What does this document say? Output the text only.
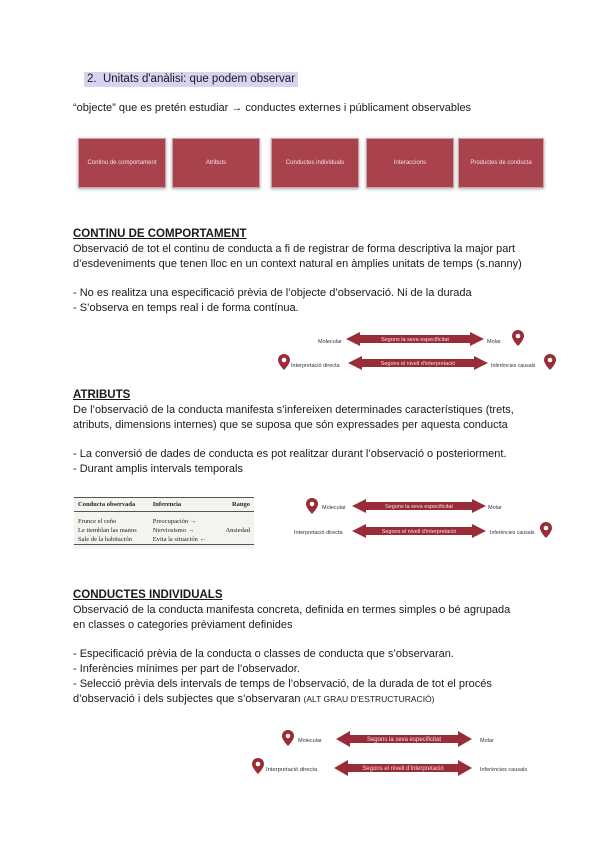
2. Unitats d'anàlisi: que podem observar
“objecte” que es pretén estudiar → conductes externes i públicament observables
Continu de comportament	Atributs	Conductes individuals	Interaccions	Productes de conducta
CONTINU DE COMPORTAMENT
Observació de tot el continu de conducta a fi de registrar de forma descriptiva la major part
d’esdeveniments que tenen lloc en un context natural en àmplies unitats de temps (s.nanny)
- No es realitza una especificació prèvia de l’objecte d’observació. Ni de la durada
- S’observa en temps real i de forma contínua.
Molecular	Segons la seva especificitat	Molar
Interpretació directa	Segons el nivell d’interpretació	Inferències causals
ATRIBUTS
De l’observació de la conducta manifesta s’infereixen determinades característiques (trets,
atributs, dimensions internes) que se suposa que són expressades per aquesta conducta
- La conversió de dades de conducta es pot realitzar durant l’observació o posteriorment.
- Durant amplis intervals temporals
Conducta observada	Inferencia	Rango
Frunce el ceño	Preocupación →	
Le tiemblan las manos	Nerviosismo →	Ansiedad
Sale de la habitación	Evita la situación ←	
Molecular	Segons la seva especificitat	Molar
Interpretació directa	Segons el nivell d’interpretació	Inferències causals
CONDUCTES INDIVIDUALS
Observació de la conducta manifesta concreta, definida en termes simples o bé agrupada
en classes o categories prèviament definides
- Especificació prèvia de la conducta o classes de conducta que s’observaran.
- Inferències mínimes per part de l’observador.
- Selecció prèvia dels intervals de temps de l’observació, de la durada de tot el procés
d’observació i dels subjectes que s’observaran (ALT GRAU D’ESTRUCTURACIÓ)
Molecular	Segons la seva especificitat	Molar
Interpretació directa	Segons el nivell d’interpretació	Inferències causals
